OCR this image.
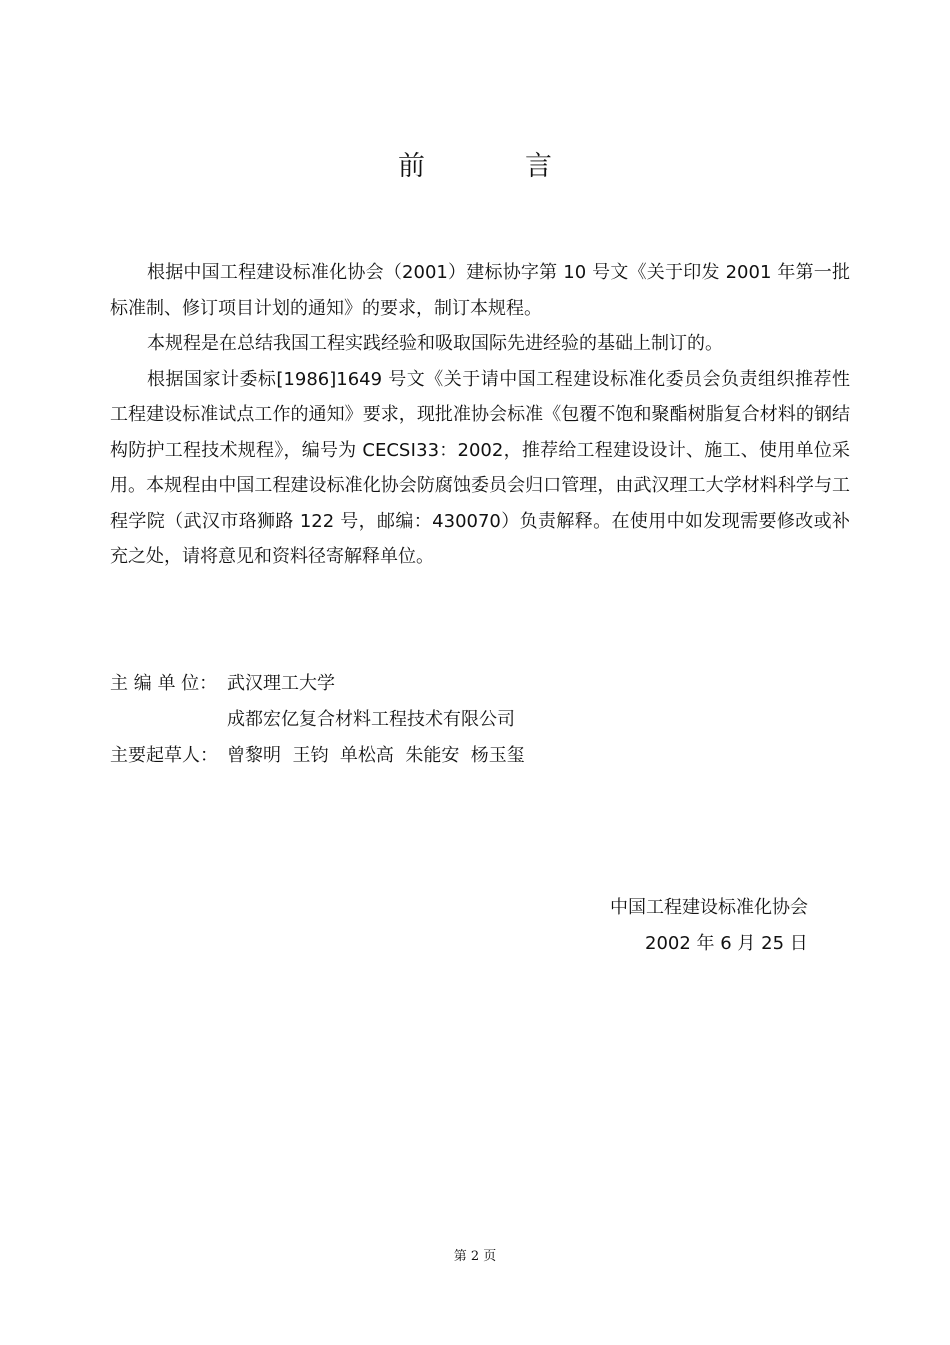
前	言

根据中国工程建设标准化协会（2001）建标协字第 10 号文《关于印发 2001 年第一批标准制、修订项目计划的通知》的要求，制订本规程。

本规程是在总结我国工程实践经验和吸取国际先进经验的基础上制订的。

根据国家计委标[1986]1649 号文《关于请中国工程建设标准化委员会负责组织推荐性工程建设标准试点工作的通知》要求，现批准协会标准《包覆不饱和聚酯树脂复合材料的钢结构防护工程技术规程》，编号为 CECSⅠ33：2002，推荐给工程建设设计、施工、使用单位采用。本规程由中国工程建设标准化协会防腐蚀委员会归口管理，由武汉理工大学材料科学与工程学院（武汉市珞狮路 122 号，邮编：430070）负责解释。在使用中如发现需要修改或补充之处，请将意见和资料径寄解释单位。

主 编 单 位： 武汉理工大学
成都宏亿复合材料工程技术有限公司
主要起草人： 曾黎明  王钧  单松高  朱能安  杨玉玺
中国工程建设标准化协会
2002 年 6 月 25 日
第 2 页
